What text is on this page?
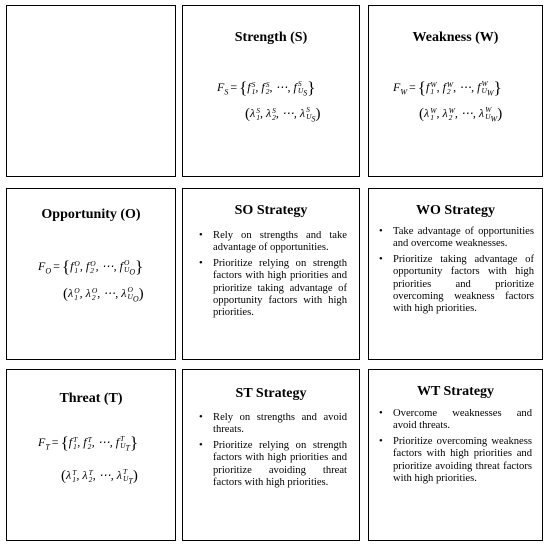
Strength (S)
$F_S = \{f$ S
1 , f S
2 , ⋯, f S
$U_S$ }
(λ S
1 , λ S
2 , ⋯, λ S
$U_S$ )
Weakness (W)
$F_W = \{f$ W
1 , f W
2 , ⋯, f W
$U_W$ }
(λ W
1 , λ W
2 , ⋯, λ W
$U_W$ )
Opportunity (O)
$F_O = \{f$ O
1 , f O
2 , ⋯, f O
$U_O$ }
(λ O
1 , λ O
2 , ⋯, λ O
$U_O$ )
SO Strategy
• Rely on strengths and take advantage of opportunities.
• Prioritize relying on strength factors with high priorities and prioritize taking advantage of opportunity factors with high priorities.
WO Strategy
• Take advantage of opportunities and overcome weaknesses.
• Prioritize taking advantage of opportunity factors with high priorities and prioritize overcoming weakness factors with high priorities.
Threat (T)
$F_T = \{f$ T
1 , f T
2 , ⋯, f T
$U_T$ }
(λ T
1 , λ T
2 , ⋯, λ T
$U_T$ )
ST Strategy
• Rely on strengths and avoid threats.
• Prioritize relying on strength factors with high priorities and prioritize avoiding threat factors with high priorities.
WT Strategy
• Overcome weaknesses and avoid threats.
• Prioritize overcoming weakness factors with high priorities and prioritize avoiding threat factors with high priorities.
